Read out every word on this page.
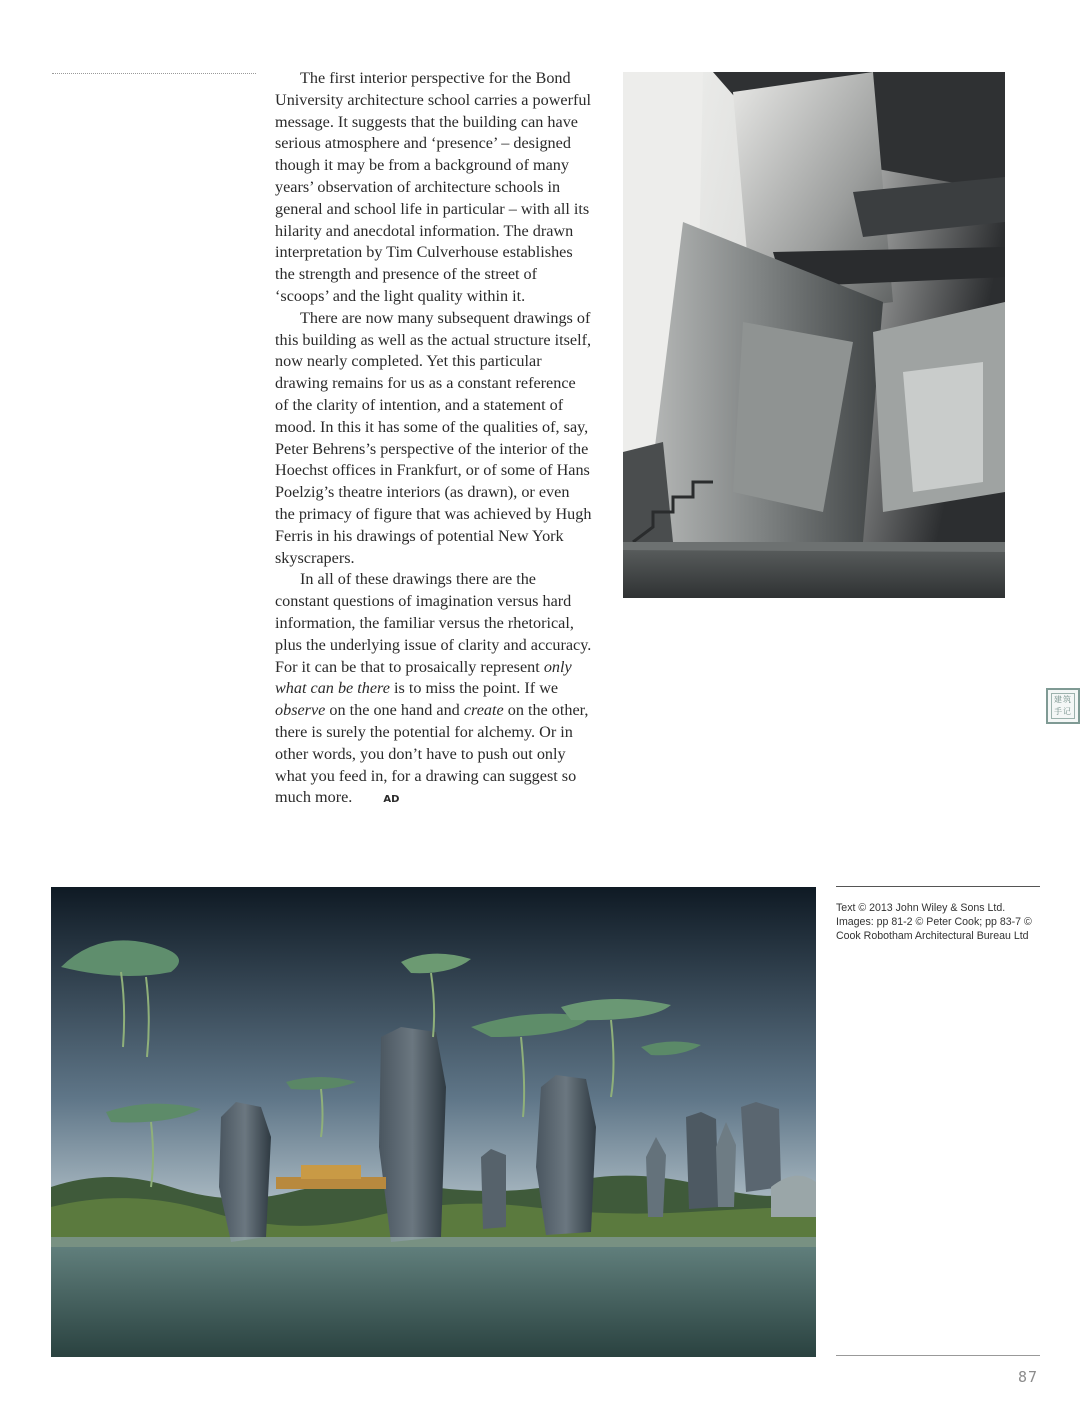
The first interior perspective for the Bond University architecture school carries a powerful message. It suggests that the building can have serious atmosphere and ‘presence’ – designed though it may be from a background of many years’ observation of architecture schools in general and school life in particular – with all its hilarity and anecdotal information. The drawn interpretation by Tim Culverhouse establishes the strength and presence of the street of ‘scoops’ and the light quality within it.

There are now many subsequent drawings of this building as well as the actual structure itself, now nearly completed. Yet this particular drawing remains for us as a constant reference of the clarity of intention, and a statement of mood. In this it has some of the qualities of, say, Peter Behrens’s perspective of the interior of the Hoechst offices in Frankfurt, or of some of Hans Poelzig’s theatre interiors (as drawn), or even the primacy of figure that was achieved by Hugh Ferris in his drawings of potential New York skyscrapers.

In all of these drawings there are the constant questions of imagination versus hard information, the familiar versus the rhetorical, plus the underlying issue of clarity and accuracy. For it can be that to prosaically represent only what can be there is to miss the point. If we observe on the one hand and create on the other, there is surely the potential for alchemy. Or in other words, you don’t have to push out only what you feed in, for a drawing can suggest so much more.	AD

建筑
手记
Text © 2013 John Wiley & Sons Ltd. Images: pp 81-2 © Peter Cook; pp 83-7 © Cook Robotham Architectural Bureau Ltd
87
